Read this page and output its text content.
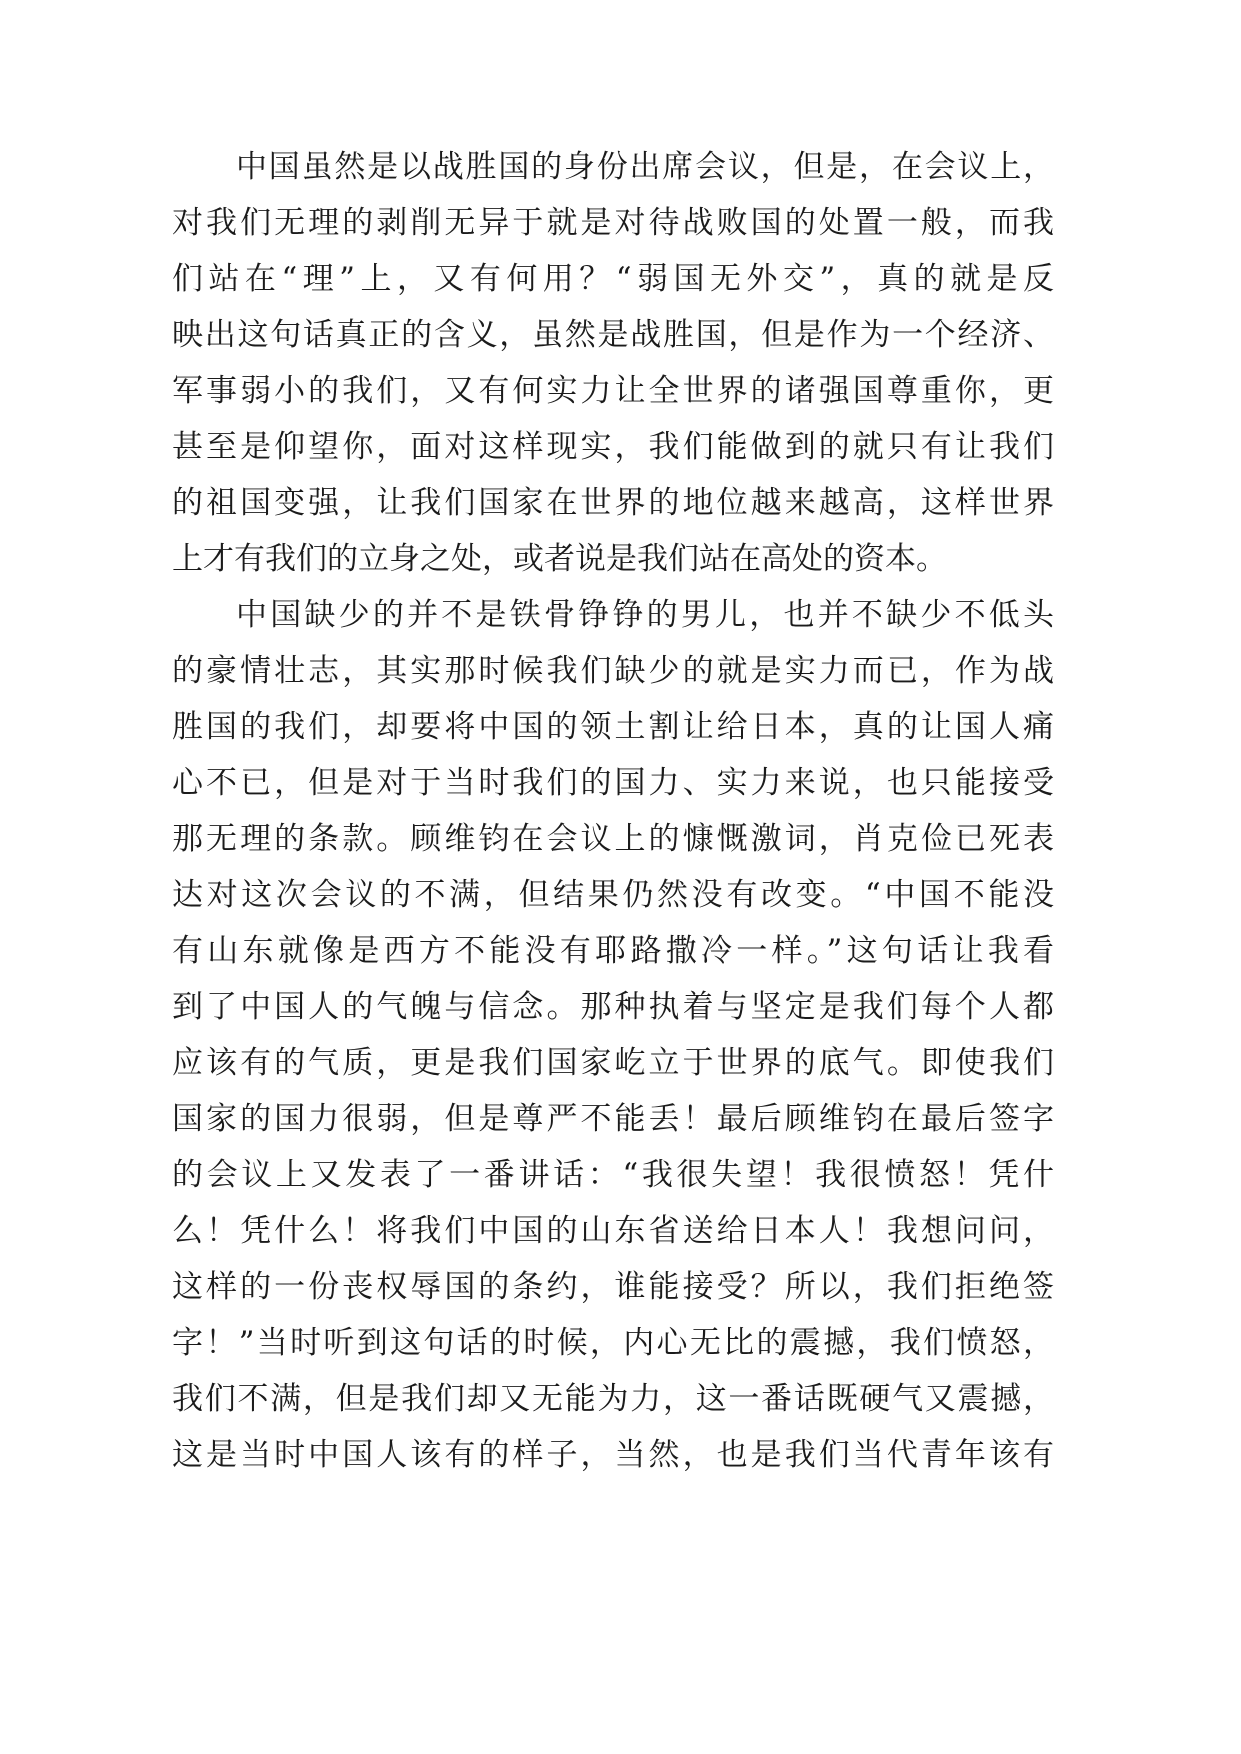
中国虽然是以战胜国的身份出席会议，但是，在会议上，
对我们无理的剥削无异于就是对待战败国的处置一般，而我
们站在“理”上，又有何用？“弱国无外交”，真的就是反
映出这句话真正的含义，虽然是战胜国，但是作为一个经济、
军事弱小的我们，又有何实力让全世界的诸强国尊重你，更
甚至是仰望你，面对这样现实，我们能做到的就只有让我们
的祖国变强，让我们国家在世界的地位越来越高，这样世界
上才有我们的立身之处，或者说是我们站在高处的资本。
中国缺少的并不是铁骨铮铮的男儿，也并不缺少不低头
的豪情壮志，其实那时候我们缺少的就是实力而已，作为战
胜国的我们，却要将中国的领土割让给日本，真的让国人痛
心不已，但是对于当时我们的国力、实力来说，也只能接受
那无理的条款。顾维钧在会议上的慷慨激词，肖克俭已死表
达对这次会议的不满，但结果仍然没有改变。“中国不能没
有山东就像是西方不能没有耶路撒冷一样。”这句话让我看
到了中国人的气魄与信念。那种执着与坚定是我们每个人都
应该有的气质，更是我们国家屹立于世界的底气。即使我们
国家的国力很弱，但是尊严不能丢！最后顾维钧在最后签字
的会议上又发表了一番讲话：“我很失望！我很愤怒！凭什
么！凭什么！将我们中国的山东省送给日本人！我想问问，
这样的一份丧权辱国的条约，谁能接受？所以，我们拒绝签
字！”当时听到这句话的时候，内心无比的震撼，我们愤怒，
我们不满，但是我们却又无能为力，这一番话既硬气又震撼，
这是当时中国人该有的样子，当然，也是我们当代青年该有
